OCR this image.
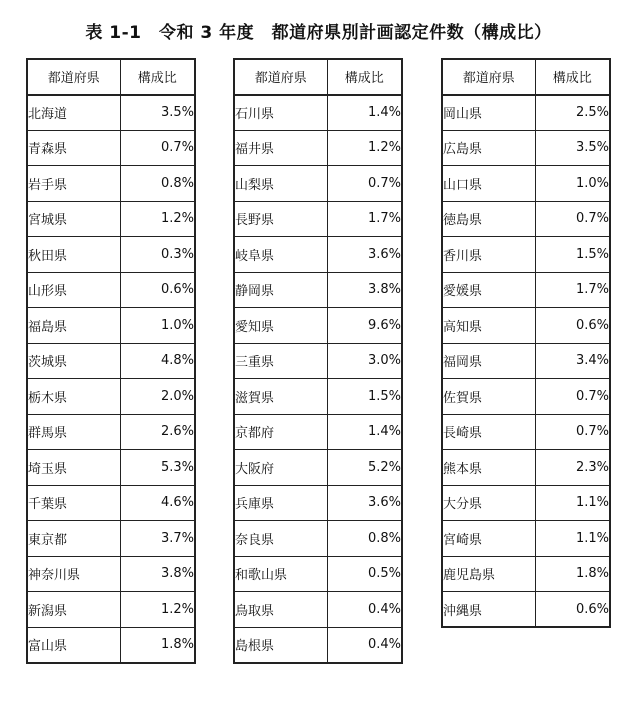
表 1-1　令和 3 年度　都道府県別計画認定件数（構成比）
都道府県	構成比
北海道	3.5%
青森県	0.7%
岩手県	0.8%
宮城県	1.2%
秋田県	0.3%
山形県	0.6%
福島県	1.0%
茨城県	4.8%
栃木県	2.0%
群馬県	2.6%
埼玉県	5.3%
千葉県	4.6%
東京都	3.7%
神奈川県	3.8%
新潟県	1.2%
富山県	1.8%
都道府県	構成比
石川県	1.4%
福井県	1.2%
山梨県	0.7%
長野県	1.7%
岐阜県	3.6%
静岡県	3.8%
愛知県	9.6%
三重県	3.0%
滋賀県	1.5%
京都府	1.4%
大阪府	5.2%
兵庫県	3.6%
奈良県	0.8%
和歌山県	0.5%
鳥取県	0.4%
島根県	0.4%
都道府県	構成比
岡山県	2.5%
広島県	3.5%
山口県	1.0%
徳島県	0.7%
香川県	1.5%
愛媛県	1.7%
高知県	0.6%
福岡県	3.4%
佐賀県	0.7%
長崎県	0.7%
熊本県	2.3%
大分県	1.1%
宮崎県	1.1%
鹿児島県	1.8%
沖縄県	0.6%
